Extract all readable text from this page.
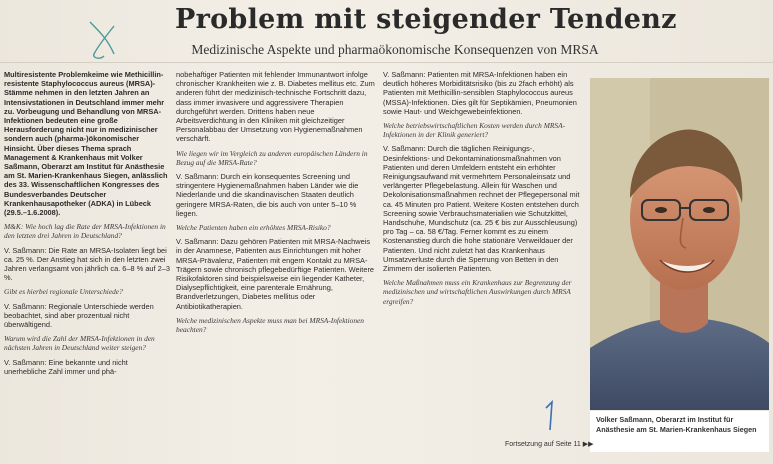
Problem mit steigender Tendenz
Medizinische Aspekte und pharmaökonomische Konsequenzen von MRSA

Multiresistente Problemkeime wie Methicillin-resistente Staphylococcus aureus (MRSA)-Stämme nehmen in den letzten Jahren an Intensivstationen in Deutschland immer mehr zu. Vorbeugung und Behandlung von MRSA-Infektionen bedeuten eine große Herausforderung nicht nur in medizinischer sondern auch (pharma-)ökonomischer Hinsicht. Über dieses Thema sprach Management & Krankenhaus mit Volker Saßmann, Oberarzt am Institut für Anästhesie am St. Marien-Krankenhaus Siegen, anlässlich des 33. Wissenschaftlichen Kongresses des Bundesverbandes Deutscher Krankenhausapotheker (ADKA) in Lübeck (29.5.–1.6.2008).

M&K: Wie hoch lag die Rate der MRSA-Infektionen in den letzten drei Jahren in Deutschland?

V. Saßmann: Die Rate an MRSA-Isolaten liegt bei ca. 25 %. Der Anstieg hat sich in den letzten zwei Jahren verlangsamt von jährlich ca. 6–8 % auf 2–3 %.

Gibt es hierbei regionale Unterschiede?

V. Saßmann: Regionale Unterschiede werden beobachtet, sind aber prozentual nicht überwältigend.

Warum wird die Zahl der MRSA-Infektionen in den nächsten Jahren in Deutschland weiter steigen?

V. Saßmann: Eine bekannte und nicht unerhebliche Zahl immer und phä-

nobehaftiger Patienten mit fehlender Immunantwort infolge chronischer Krankheiten wie z. B. Diabetes mellitus etc. Zum anderen führt der medizinisch-technische Fortschritt dazu, dass immer invasivere und aggressivere Therapien durchgeführt werden. Drittens haben neue Arbeitsverdichtung in den Kliniken mit gleichzeitiger Personalabbau der Umsetzung von Hygienemaßnahmen verschärft.

Wie liegen wir im Vergleich zu anderen europäischen Ländern in Bezug auf die MRSA-Rate?

V. Saßmann: Durch ein konsequentes Screening und stringentere Hygienemaßnahmen haben Länder wie die Niederlande und die skandinavischen Staaten deutlich geringere MRSA-Raten, die bis auch von unter 5–10 % liegen.

Welche Patienten haben ein erhöhtes MRSA-Risiko?

V. Saßmann: Dazu gehören Patienten mit MRSA-Nachweis in der Anamnese, Patienten aus Einrichtungen mit hoher MRSA-Prävalenz, Patienten mit engem Kontakt zu MRSA-Trägern sowie chronisch pflegebedürftige Patienten. Weitere Risikofaktoren sind beispielsweise ein liegender Katheter, Dialysepflichtigkeit, eine parenterale Ernährung, Brandverletzungen, Diabetes mellitus oder Antibiotikatherapien.

Welche medizinischen Aspekte muss man bei MRSA-Infektionen beachten?

V. Saßmann: Patienten mit MRSA-Infektionen haben ein deutlich höheres Morbiditätsrisiko (bis zu 2fach erhöht) als Patienten mit Methicillin-sensiblen Staphylococcus aureus (MSSA)-Infektionen. Dies gilt für Septikämien, Pneumonien sowie Haut- und Weichgewebeinfektionen.

Welche betriebswirtschaftlichen Kosten werden durch MRSA-Infektionen in der Klinik generiert?

V. Saßmann: Durch die täglichen Reinigungs-, Desinfektions- und Dekontaminationsmaßnahmen von Patienten und deren Umfeldern entsteht ein erhöhter Reinigungsaufwand mit vermehrtem Personaleinsatz und verlängerter Pflegebelastung. Allein für Waschen und Dekolonisationsmaßnahmen rechnet der Pflegepersonal mit ca. 45 Minuten pro Patient. Weitere Kosten entstehen durch Screening sowie Verbrauchsmaterialien wie Schutzkittel, Handschuhe, Mundschutz (ca. 25 € bis zur Ausschleusung) pro Tag – ca. 58 €/Tag. Ferner kommt es zu einem Kostenanstieg durch die hohe stationäre Verweildauer der Patienten. Und nicht zuletzt hat das Krankenhaus Umsatzverluste durch die Sperrung von Betten in den Zimmern der isolierten Patienten.

Welche Maßnahmen muss ein Krankenhaus zur Begrenzung der medizinischen und wirtschaftlichen Auswirkungen durch MRSA ergreifen?

Volker Saßmann, Oberarzt im Institut für Anästhesie am St. Marien-Krankenhaus Siegen
Fortsetzung auf Seite 11 ▶▶
